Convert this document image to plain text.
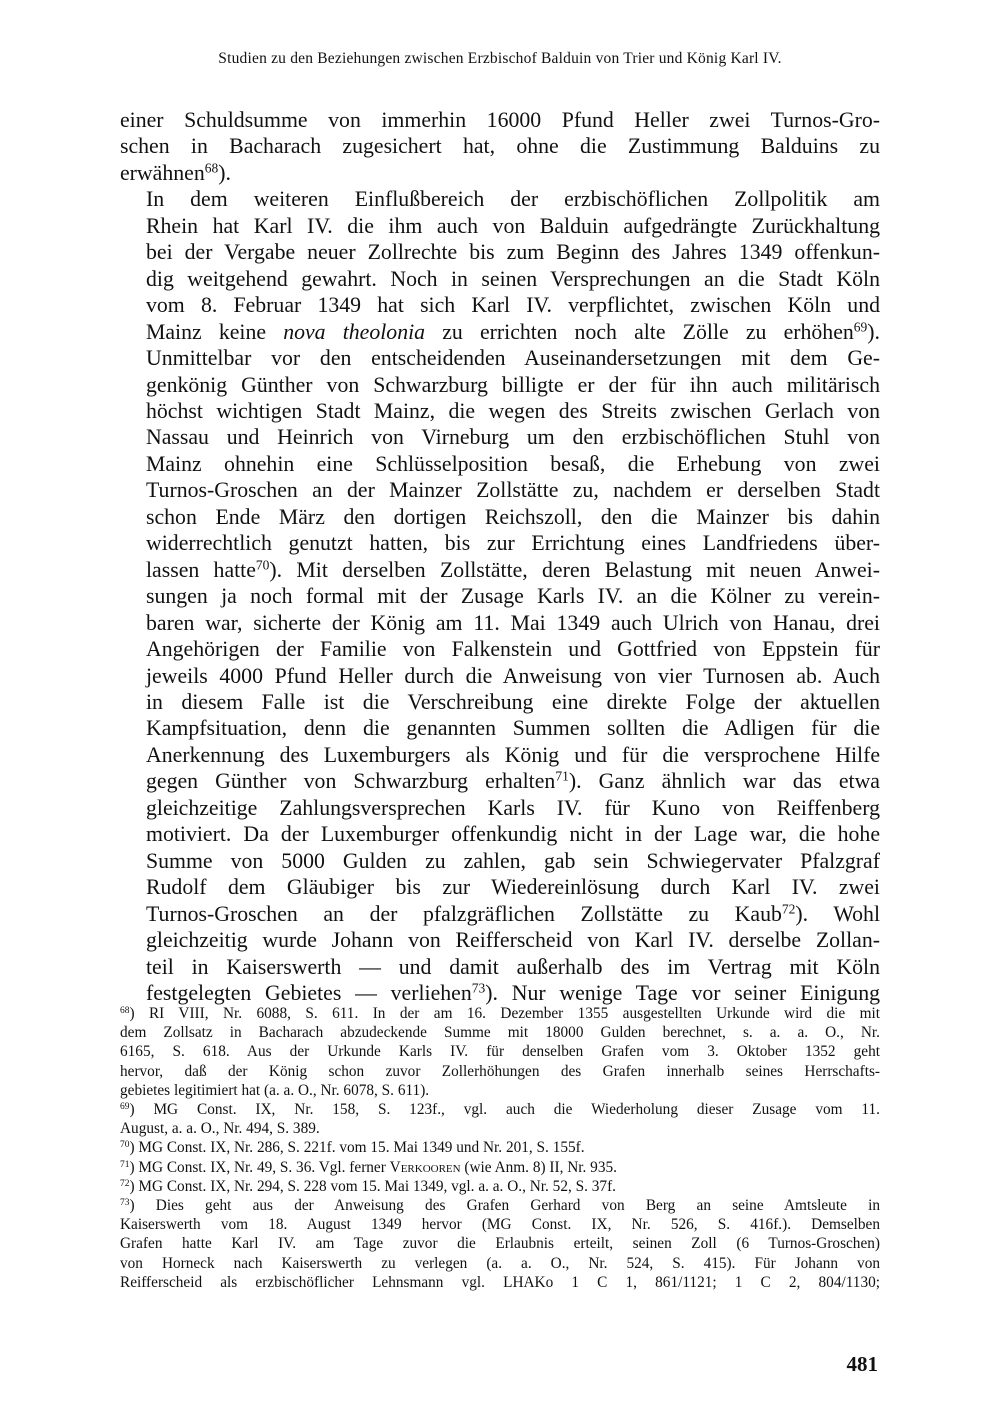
Studien zu den Beziehungen zwischen Erzbischof Balduin von Trier und König Karl IV.

einer Schuldsumme von immerhin 16000 Pfund Heller zwei Turnos-Gro-
schen in Bacharach zugesichert hat, ohne die Zustimmung Balduins zu
erwähnen$^{68}$).

In dem weiteren Einflußbereich der erzbischöflichen Zollpolitik am
Rhein hat Karl IV. die ihm auch von Balduin aufgedrängte Zurückhaltung
bei der Vergabe neuer Zollrechte bis zum Beginn des Jahres 1349 offenkun-
dig weitgehend gewahrt. Noch in seinen Versprechungen an die Stadt Köln
vom 8. Februar 1349 hat sich Karl IV. verpflichtet, zwischen Köln und
Mainz keine nova theolonia zu errichten noch alte Zölle zu erhöhen$^{69}$).
Unmittelbar vor den entscheidenden Auseinandersetzungen mit dem Ge-
genkönig Günther von Schwarzburg billigte er der für ihn auch militärisch
höchst wichtigen Stadt Mainz, die wegen des Streits zwischen Gerlach von
Nassau und Heinrich von Virneburg um den erzbischöflichen Stuhl von
Mainz ohnehin eine Schlüsselposition besaß, die Erhebung von zwei
Turnos-Groschen an der Mainzer Zollstätte zu, nachdem er derselben Stadt
schon Ende März den dortigen Reichszoll, den die Mainzer bis dahin
widerrechtlich genutzt hatten, bis zur Errichtung eines Landfriedens über-
lassen hatte$^{70}$). Mit derselben Zollstätte, deren Belastung mit neuen Anwei-
sungen ja noch formal mit der Zusage Karls IV. an die Kölner zu verein-
baren war, sicherte der König am 11. Mai 1349 auch Ulrich von Hanau, drei
Angehörigen der Familie von Falkenstein und Gottfried von Eppstein für
jeweils 4000 Pfund Heller durch die Anweisung von vier Turnosen ab. Auch
in diesem Falle ist die Verschreibung eine direkte Folge der aktuellen
Kampfsituation, denn die genannten Summen sollten die Adligen für die
Anerkennung des Luxemburgers als König und für die versprochene Hilfe
gegen Günther von Schwarzburg erhalten$^{71}$). Ganz ähnlich war das etwa
gleichzeitige Zahlungsversprechen Karls IV. für Kuno von Reiffenberg
motiviert. Da der Luxemburger offenkundig nicht in der Lage war, die hohe
Summe von 5000 Gulden zu zahlen, gab sein Schwiegervater Pfalzgraf
Rudolf dem Gläubiger bis zur Wiedereinlösung durch Karl IV. zwei
Turnos-Groschen an der pfalzgräflichen Zollstätte zu Kaub$^{72}$). Wohl
gleichzeitig wurde Johann von Reifferscheid von Karl IV. derselbe Zollan-
teil in Kaiserswerth — und damit außerhalb des im Vertrag mit Köln
festgelegten Gebietes — verliehen$^{73}$). Nur wenige Tage vor seiner Einigung

$^{68}$) RI VIII, Nr. 6088, S. 611. In der am 16. Dezember 1355 ausgestellten Urkunde wird die mit
dem Zollsatz in Bacharach abzudeckende Summe mit 18000 Gulden berechnet, s. a. a. O., Nr.
6165, S. 618. Aus der Urkunde Karls IV. für denselben Grafen vom 3. Oktober 1352 geht
hervor, daß der König schon zuvor Zollerhöhungen des Grafen innerhalb seines Herrschafts-
gebietes legitimiert hat (a. a. O., Nr. 6078, S. 611).
$^{69}$) MG Const. IX, Nr. 158, S. 123f., vgl. auch die Wiederholung dieser Zusage vom 11.
August, a. a. O., Nr. 494, S. 389.
$^{70}$) MG Const. IX, Nr. 286, S. 221f. vom 15. Mai 1349 und Nr. 201, S. 155f.
$^{71}$) MG Const. IX, Nr. 49, S. 36. Vgl. ferner Verkooren (wie Anm. 8) II, Nr. 935.
$^{72}$) MG Const. IX, Nr. 294, S. 228 vom 15. Mai 1349, vgl. a. a. O., Nr. 52, S. 37f.
$^{73}$) Dies geht aus der Anweisung des Grafen Gerhard von Berg an seine Amtsleute in
Kaiserswerth vom 18. August 1349 hervor (MG Const. IX, Nr. 526, S. 416f.). Demselben
Grafen hatte Karl IV. am Tage zuvor die Erlaubnis erteilt, seinen Zoll (6 Turnos-Groschen)
von Horneck nach Kaiserswerth zu verlegen (a. a. O., Nr. 524, S. 415). Für Johann von
Reifferscheid als erzbischöflicher Lehnsmann vgl. LHAKo 1 C 1, 861/1121; 1 C 2, 804/1130;
481
